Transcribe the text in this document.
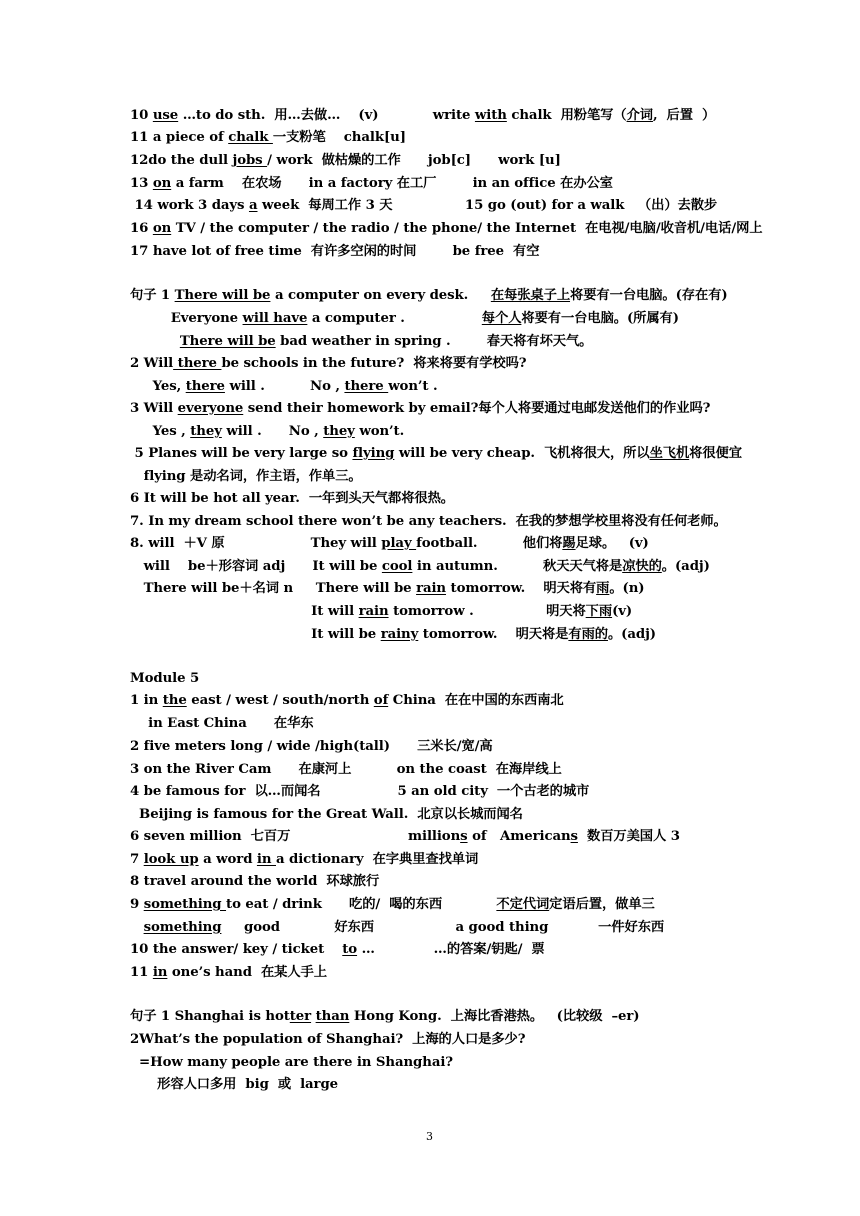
10 use …to do sth.  用…去做…    (v)            write with chalk  用粉笔写（介词,  后置  ）
11 a piece of chalk 一支粉笔    chalk[u]
12do the dull jobs / work  做枯燥的工作      job[c]      work [u]
13 on a farm    在农场      in a factory 在工厂        in an office 在办公室
14 work 3 days a week  每周工作 3 天                15 go (out) for a walk   （出）去散步
16 on TV / the computer / the radio / the phone/ the Internet  在电视/电脑/收音机/电话/网上
17 have lot of free time  有许多空闲的时间        be free  有空
句子 1 There will be a computer on every desk.     在每张桌子上将要有一台电脑。(存在有)
Everyone will have a computer .                 每个人将要有一台电脑。(所属有)
There will be bad weather in spring .        春天将有坏天气。
2 Will there be schools in the future?  将来将要有学校吗?
Yes, there will .          No , there won’t .
3 Will everyone send their homework by email?每个人将要通过电邮发送他们的作业吗?
Yes , they will .      No , they won’t.
5 Planes will be very large so flying will be very cheap.  飞机将很大，所以坐飞机将很便宜
flying 是动名词，作主语，作单三。
6 It will be hot all year.  一年到头天气都将很热。
7. In my dream school there won’t be any teachers.  在我的梦想学校里将没有任何老师。
8. will  ＋V 原                   They will play football.          他们将踢足球。   (v)
will    be＋形容词 adj      It will be cool in autumn.          秋天天气将是凉快的。(adj)
There will be＋名词 n     There will be rain tomorrow.    明天将有雨。(n)
It will rain tomorrow .                明天将下雨(v)
It will be rainy tomorrow.    明天将是有雨的。(adj)
Module 5
1 in the east / west / south/north of China  在在中国的东西南北
in East China      在华东
2 five meters long / wide /high(tall)      三米长/宽/高
3 on the River Cam      在康河上          on the coast  在海岸线上
4 be famous for  以…而闻名                 5 an old city  一个古老的城市
Beijing is famous for the Great Wall.  北京以长城而闻名
6 seven million  七百万                          millions of   Americans  数百万美国人 3
7 look up a word in a dictionary  在字典里查找单词
8 travel around the world  环球旅行
9 something to eat / drink      吃的/  喝的东西            不定代词定语后置，做单三
something     good            好东西                  a good thing           一件好东西
10 the answer/ key / ticket    to …             …的答案/钥匙/  票
11 in one’s hand  在某人手上
句子 1 Shanghai is hotter than Hong Kong.  上海比香港热。   (比较级  –er)
2What’s the population of Shanghai?  上海的人口是多少?
=How many people are there in Shanghai?
形容人口多用  big  或  large
3
